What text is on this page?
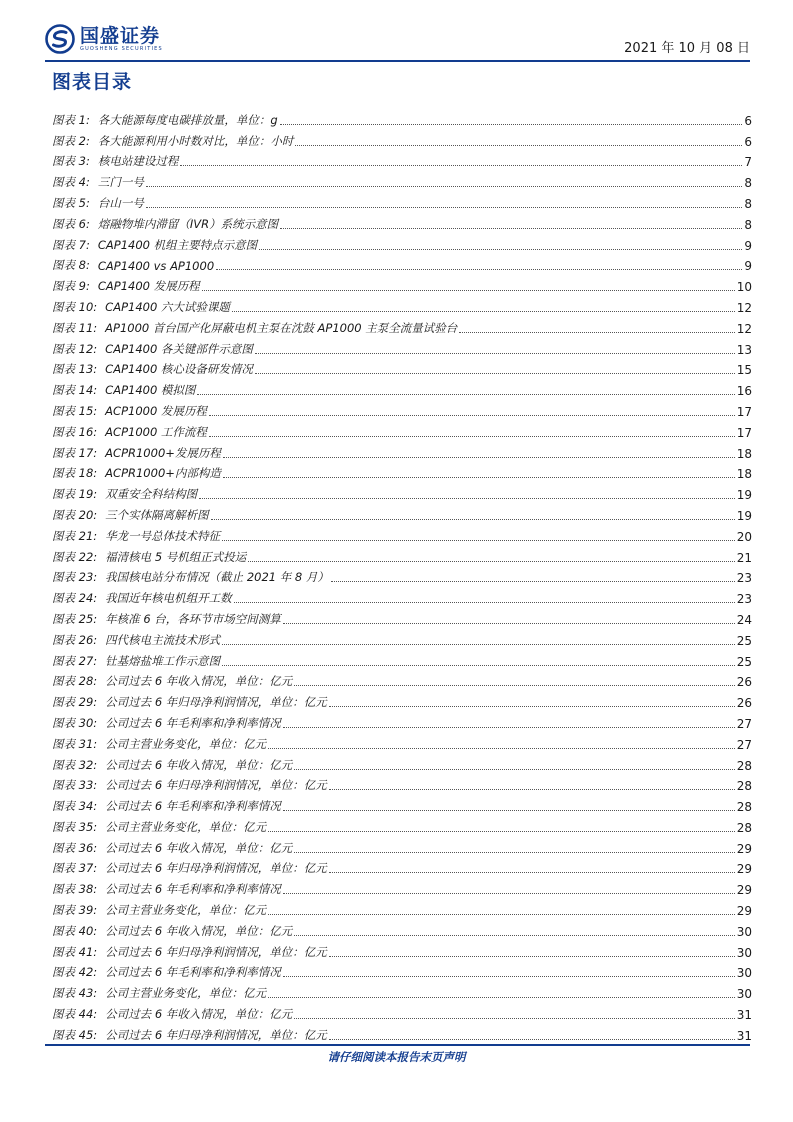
国盛证券
GUOSHENG SECURITIES	2021 年 10 月 08 日
图表目录
图表 1: 各大能源每度电碳排放量，单位：g	6
图表 2: 各大能源利用小时数对比，单位：小时	6
图表 3: 核电站建设过程	7
图表 4: 三门一号	8
图表 5: 台山一号	8
图表 6: 熔融物堆内滞留（IVR）系统示意图	8
图表 7: CAP1400 机组主要特点示意图	9
图表 8: CAP1400 vs AP1000	9
图表 9: CAP1400 发展历程	10
图表 10: CAP1400 六大试验课题	12
图表 11: AP1000 首台国产化屏蔽电机主泵在沈鼓 AP1000 主泵全流量试验台	12
图表 12: CAP1400 各关键部件示意图	13
图表 13: CAP1400 核心设备研发情况	15
图表 14: CAP1400 模拟图	16
图表 15: ACP1000 发展历程	17
图表 16: ACP1000 工作流程	17
图表 17: ACPR1000+发展历程	18
图表 18: ACPR1000+内部构造	18
图表 19: 双重安全科结构图	19
图表 20: 三个实体隔离解析图	19
图表 21: 华龙一号总体技术特征	20
图表 22: 福清核电 5 号机组正式投运	21
图表 23: 我国核电站分布情况（截止 2021 年 8 月）	23
图表 24: 我国近年核电机组开工数	23
图表 25: 年核准 6 台，各环节市场空间测算	24
图表 26: 四代核电主流技术形式	25
图表 27: 钍基熔盐堆工作示意图	25
图表 28: 公司过去 6 年收入情况，单位：亿元	26
图表 29: 公司过去 6 年归母净利润情况，单位：亿元	26
图表 30: 公司过去 6 年毛利率和净利率情况	27
图表 31: 公司主营业务变化，单位：亿元	27
图表 32: 公司过去 6 年收入情况，单位：亿元	28
图表 33: 公司过去 6 年归母净利润情况，单位：亿元	28
图表 34: 公司过去 6 年毛利率和净利率情况	28
图表 35: 公司主营业务变化，单位：亿元	28
图表 36: 公司过去 6 年收入情况，单位：亿元	29
图表 37: 公司过去 6 年归母净利润情况，单位：亿元	29
图表 38: 公司过去 6 年毛利率和净利率情况	29
图表 39: 公司主营业务变化，单位：亿元	29
图表 40: 公司过去 6 年收入情况，单位：亿元	30
图表 41: 公司过去 6 年归母净利润情况，单位：亿元	30
图表 42: 公司过去 6 年毛利率和净利率情况	30
图表 43: 公司主营业务变化，单位：亿元	30
图表 44: 公司过去 6 年收入情况，单位：亿元	31
图表 45: 公司过去 6 年归母净利润情况，单位：亿元	31
请仔细阅读本报告末页声明
